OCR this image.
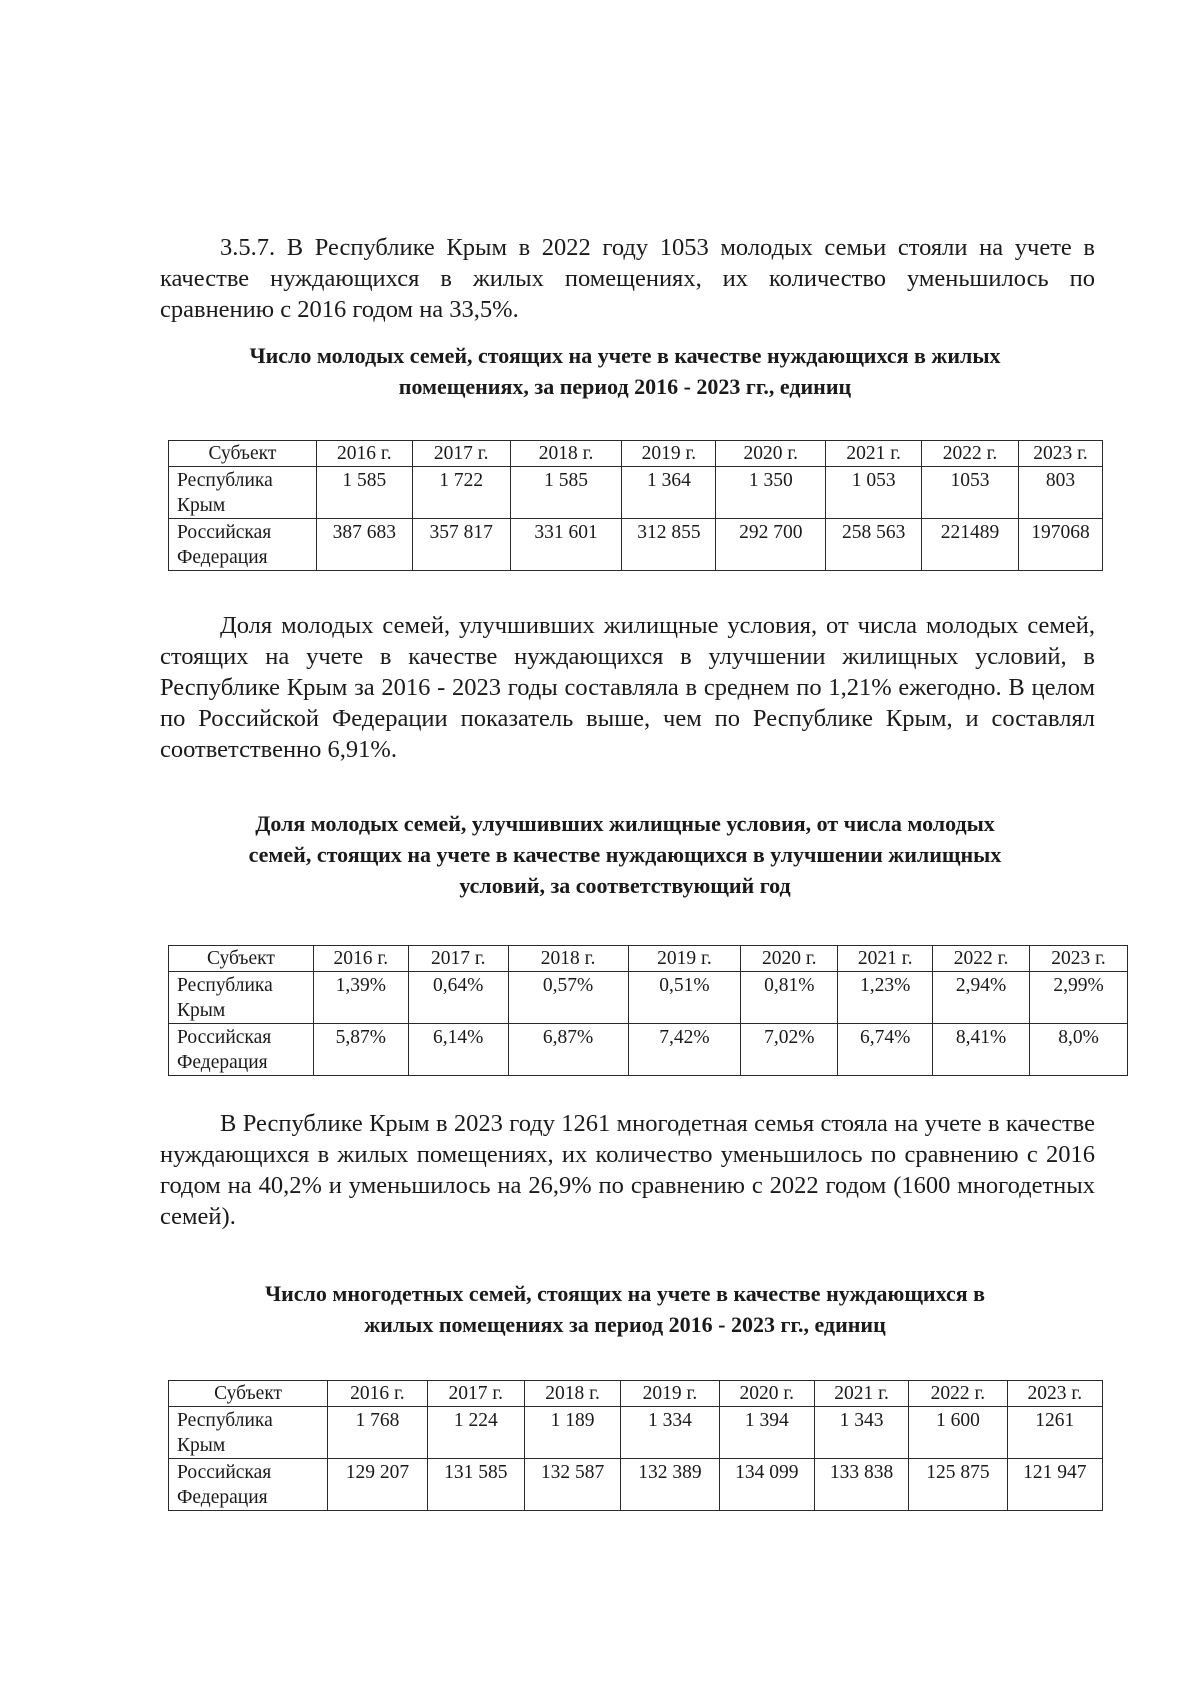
3.5.7. В Республике Крым в 2022 году 1053 молодых семьи стояли на учете в качестве нуждающихся в жилых помещениях, их количество уменьшилось по сравнению с 2016 годом на 33,5%.

Число молодых семей, стоящих на учете в качестве нуждающихся в жилых
помещениях, за период 2016 - 2023 гг., единиц
Субъект	2016 г.	2017 г.	2018 г.	2019 г.	2020 г.	2021 г.	2022 г.	2023 г.
Республика Крым	1 585	1 722	1 585	1 364	1 350	1 053	1053	803
Российская Федерация	387 683	357 817	331 601	312 855	292 700	258 563	221489	197068

Доля молодых семей, улучшивших жилищные условия, от числа молодых семей, стоящих на учете в качестве нуждающихся в улучшении жилищных условий, в Республике Крым за 2016 - 2023 годы составляла в среднем по 1,21% ежегодно. В целом по Российской Федерации показатель выше, чем по Республике Крым, и составлял соответственно 6,91%.

Доля молодых семей, улучшивших жилищные условия, от числа молодых
семей, стоящих на учете в качестве нуждающихся в улучшении жилищных
условий, за соответствующий год
Субъект	2016 г.	2017 г.	2018 г.	2019 г.	2020 г.	2021 г.	2022 г.	2023 г.
Республика Крым	1,39%	0,64%	0,57%	0,51%	0,81%	1,23%	2,94%	2,99%
Российская Федерация	5,87%	6,14%	6,87%	7,42%	7,02%	6,74%	8,41%	8,0%

В Республике Крым в 2023 году 1261 многодетная семья стояла на учете в качестве нуждающихся в жилых помещениях, их количество уменьшилось по сравнению с 2016 годом на 40,2% и уменьшилось на 26,9% по сравнению с 2022 годом (1600 многодетных семей).

Число многодетных семей, стоящих на учете в качестве нуждающихся в
жилых помещениях за период 2016 - 2023 гг., единиц
Субъект	2016 г.	2017 г.	2018 г.	2019 г.	2020 г.	2021 г.	2022 г.	2023 г.
Республика Крым	1 768	1 224	1 189	1 334	1 394	1 343	1 600	1261
Российская Федерация	129 207	131 585	132 587	132 389	134 099	133 838	125 875	121 947
